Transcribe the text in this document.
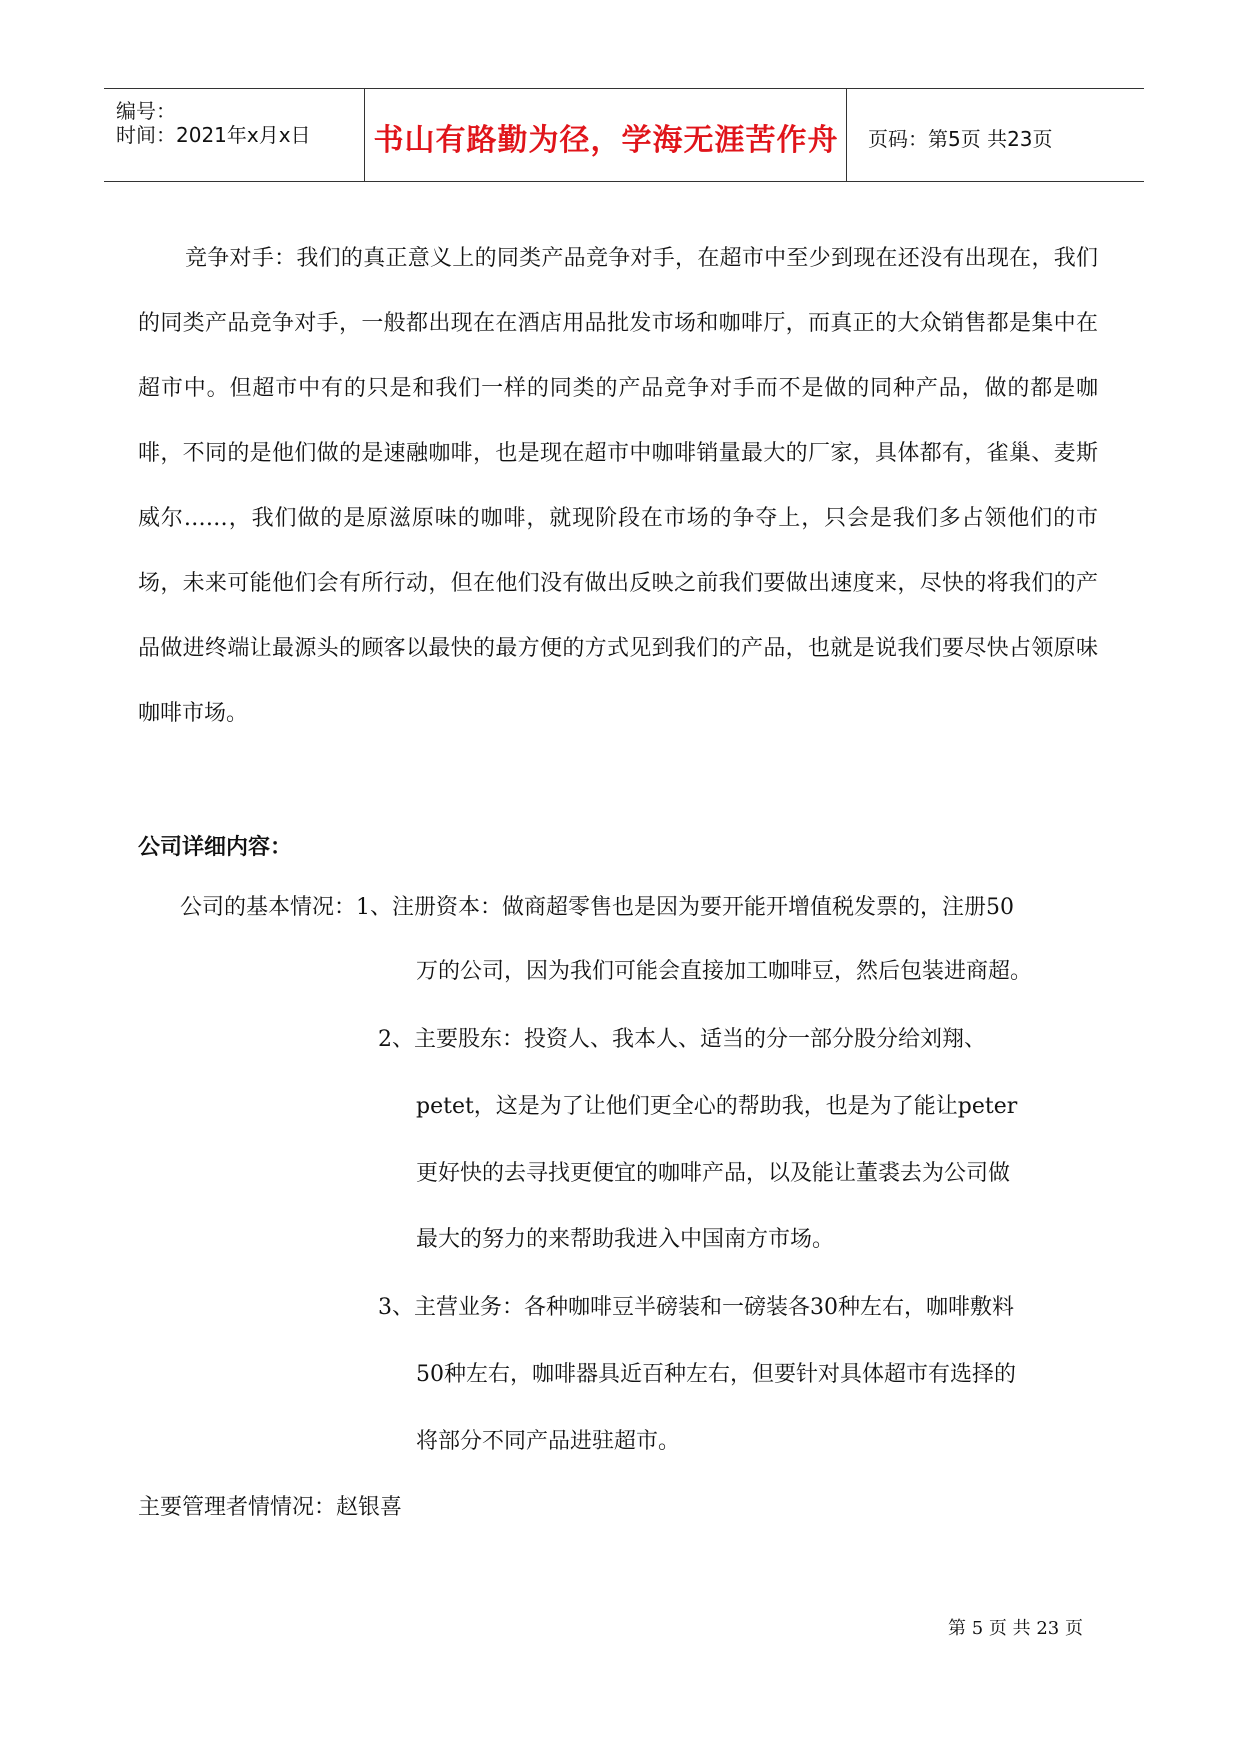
编号：
时间：2021年x月x日 书山有路勤为径，学海无涯苦作舟	页码：第5页 共23页
竞争对手：我们的真正意义上的同类产品竞争对手，在超市中至少到现在还没有出现在，我们的同类产品竞争对手，一般都出现在在酒店用品批发市场和咖啡厅，而真正的大众销售都是集中在超市中。但超市中有的只是和我们一样的同类的产品竞争对手而不是做的同种产品，做的都是咖啡，不同的是他们做的是速融咖啡，也是现在超市中咖啡销量最大的厂家，具体都有，雀巢、麦斯威尔……，我们做的是原滋原味的咖啡，就现阶段在市场的争夺上，只会是我们多占领他们的市场，未来可能他们会有所行动，但在他们没有做出反映之前我们要做出速度来，尽快的将我们的产品做进终端让最源头的顾客以最快的最方便的方式见到我们的产品，也就是说我们要尽快占领原味咖啡市场。
公司详细内容：
公司的基本情况：1、注册资本：做商超零售也是因为要开能开增值税发票的，注册50
万的公司，因为我们可能会直接加工咖啡豆，然后包装进商超。
2、主要股东：投资人、我本人、适当的分一部分股分给刘翔、
petet，这是为了让他们更全心的帮助我，也是为了能让peter
更好快的去寻找更便宜的咖啡产品，以及能让董裘去为公司做
最大的努力的来帮助我进入中国南方市场。
3、主营业务：各种咖啡豆半磅装和一磅装各30种左右，咖啡敷料
50种左右，咖啡器具近百种左右，但要针对具体超市有选择的
将部分不同产品进驻超市。
主要管理者情情况：赵银喜
第 5 页 共 23 页
